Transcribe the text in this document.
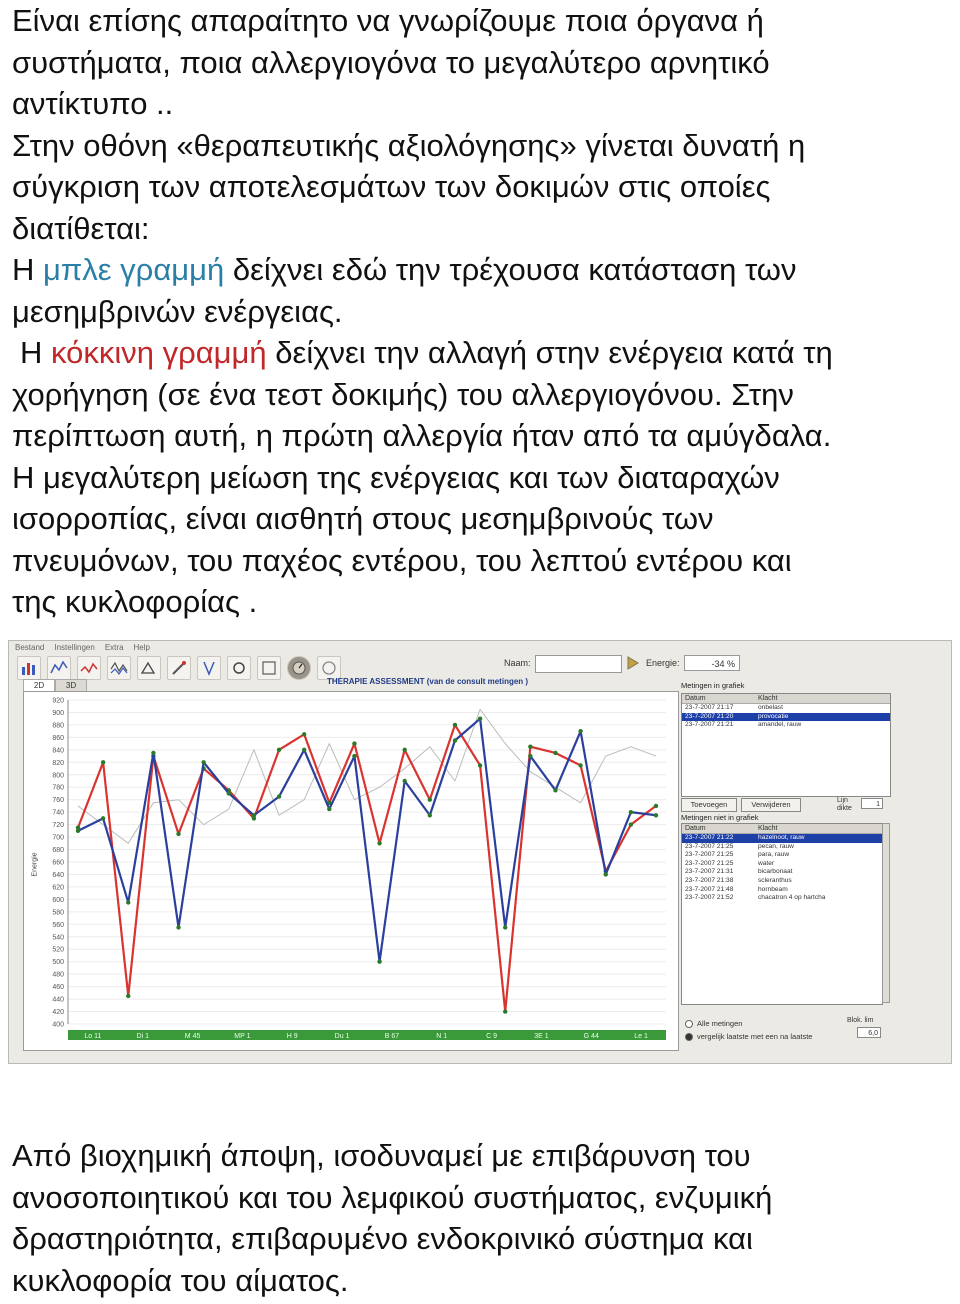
Είναι επίσης απαραίτητο να γνωρίζουμε ποια όργανα ή
συστήματα, ποια αλλεργιογόνα το μεγαλύτερο αρνητικό
αντίκτυπο ..
Στην οθόνη «θεραπευτικής αξιολόγησης» γίνεται δυνατή η
σύγκριση των αποτελεσμάτων των δοκιμών στις οποίες
διατίθεται:
Η μπλε γραμμή δείχνει εδώ την τρέχουσα κατάσταση των
μεσημβρινών ενέργειας.
Η κόκκινη γραμμή δείχνει την αλλαγή στην ενέργεια κατά τη
χορήγηση (σε ένα τεστ δοκιμής) του αλλεργιογόνου. Στην
περίπτωση αυτή, η πρώτη αλλεργία ήταν από τα αμύγδαλα.
Η μεγαλύτερη μείωση της ενέργειας και των διαταραχών
ισορροπίας, είναι αισθητή στους μεσημβρινούς των
πνευμόνων, του παχέος εντέρου, του λεπτού εντέρου και
της κυκλοφορίας .
Bestand Instellingen Extra Help
Naam:	Energie:	-34 %
2D	3D	THERAPIE ASSESSMENT (van de consult metingen )
920
900
880
860
840
820
800
780
760
740
720
700
680
660
640
620
600
580
560
540
520
500
480
460
440
420
400
Lo 11	Di 1	M 45	MP 1	H 9	Du 1	B 67	N 1	C 9	3E 1	G 44	Le 1
Energie
Metingen in grafiek
Datum	Klacht
23-7-2007 21:17	onbelast
23-7-2007 21:20	provocatie
23-7-2007 21:21	amandel, rauw
Toevoegen	Verwijderen	Lijn dikte
1
Metingen niet in grafiek
Datum	Klacht
23-7-2007 21:22	hazelnoot, rauw
23-7-2007 21:25	pecan, rauw
23-7-2007 21:25	para, rauw
23-7-2007 21:25	water
23-7-2007 21:31	bicarbonaat
23-7-2007 21:38	scleranthus
23-7-2007 21:48	hornbeam
23-7-2007 21:52	chacatron 4 op hartcha
Alle metingen
vergelijk laatste met een na laatste
Blok. lim
6,0
Από βιοχημική άποψη, ισοδυναμεί με επιβάρυνση του
ανοσοποιητικού και του λεμφικού συστήματος, ενζυμική
δραστηριότητα, επιβαρυμένο ενδοκρινικό σύστημα και
κυκλοφορία του αίματος.
